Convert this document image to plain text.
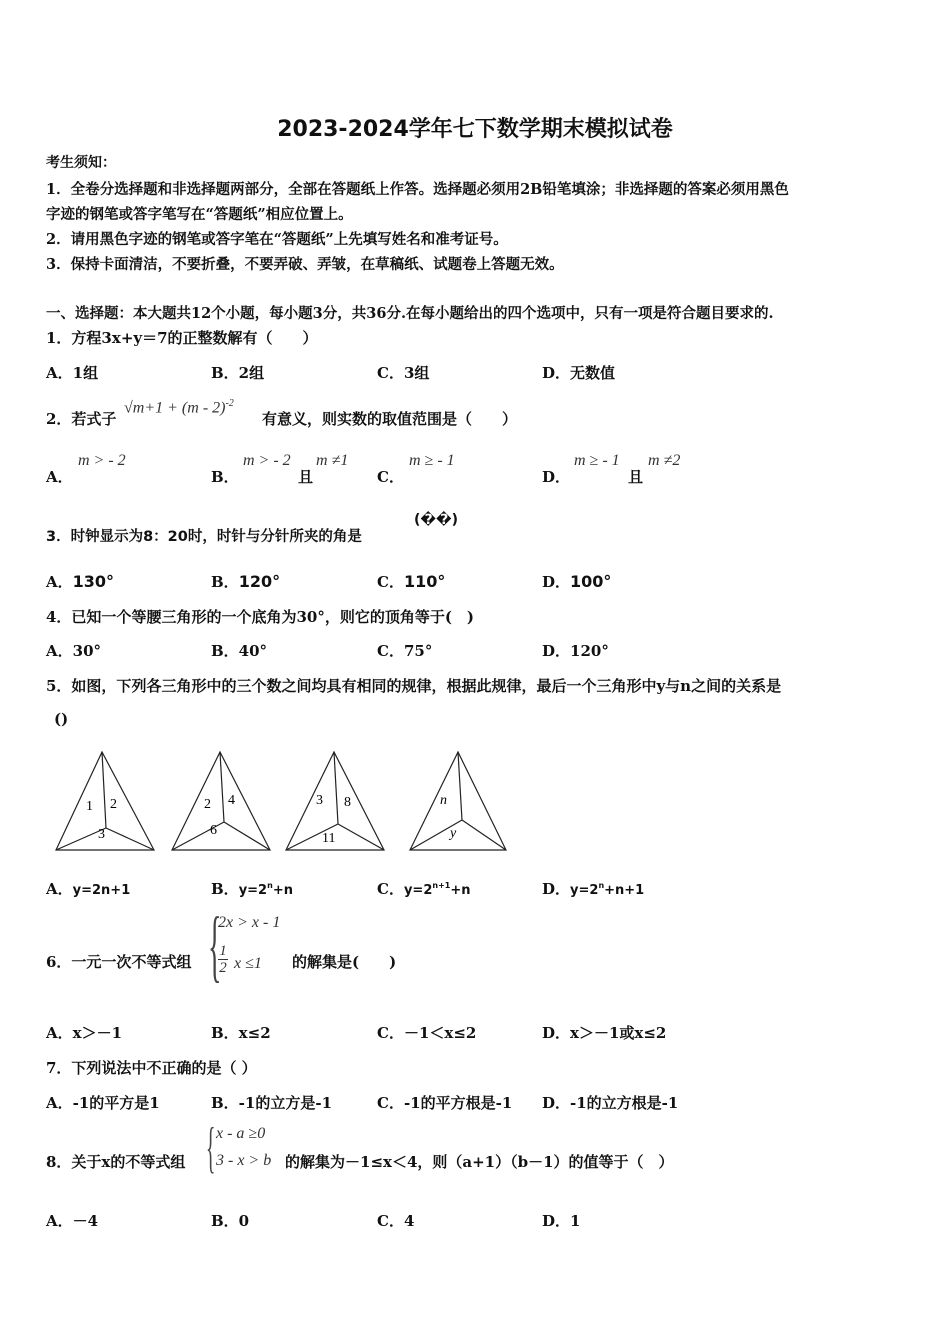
2023-2024学年七下数学期末模拟试卷
考生须知：
1．全卷分选择题和非选择题两部分，全部在答题纸上作答。选择题必须用2B铅笔填涂；非选择题的答案必须用黑色
字迹的钢笔或答字笔写在“答题纸”相应位置上。
2．请用黑色字迹的钢笔或答字笔在“答题纸”上先填写姓名和准考证号。
3．保持卡面清洁，不要折叠，不要弄破、弄皱，在草稿纸、试题卷上答题无效。
一、选择题：本大题共12个小题，每小题3分，共36分.在每小题给出的四个选项中，只有一项是符合题目要求的.
1．方程3x+y＝7的正整数解有（　　）
A．1组	B．2组	C．3组	D．无数值
2．若式子
√m+1 + (m - 2)$^{-2}$
有意义，则实数的取值范围是（　　）
A．
m > - 2
B．
m > - 2
且
m ≠1
C．
m ≥ - 1
D．
m ≥ - 1
且
m ≠2
3．时钟显示为8：20时，时针与分针所夹的角是
(��)
A．130°	B．120°	C．110°	D．100°
4．已知一个等腰三角形的一个底角为30°，则它的顶角等于(　)
A．30°	B．40°	C．75°	D．120°
5．如图，下列各三角形中的三个数之间均具有相同的规律，根据此规律，最后一个三角形中y与n之间的关系是
()
1 2
3
2 4
6
3 8
11
n
y
A．y=2n+1	B．$y=2^n+n$	C．$y=2^{n+1}+n$	D．$y=2^n+n+1$
6．一元一次不等式组 {
2x > x - 1
$\frac{1}{2}$ x ≤1 的解集是(　　)
A．x＞－1	B．x≤2	C．－1＜x≤2	D．x＞－1或x≤2
7．下列说法中不正确的是（ ）
A．-1的平方是1	B．-1的立方是-1	C．-1的平方根是-1 D．-1的立方根是-1
8．关于x的不等式组 { x - a ≥0
3 - x > b 的解集为－1≤x＜4，则（a+1）（b－1）的值等于（　）
A．－4	B．0	C．4	D．1
